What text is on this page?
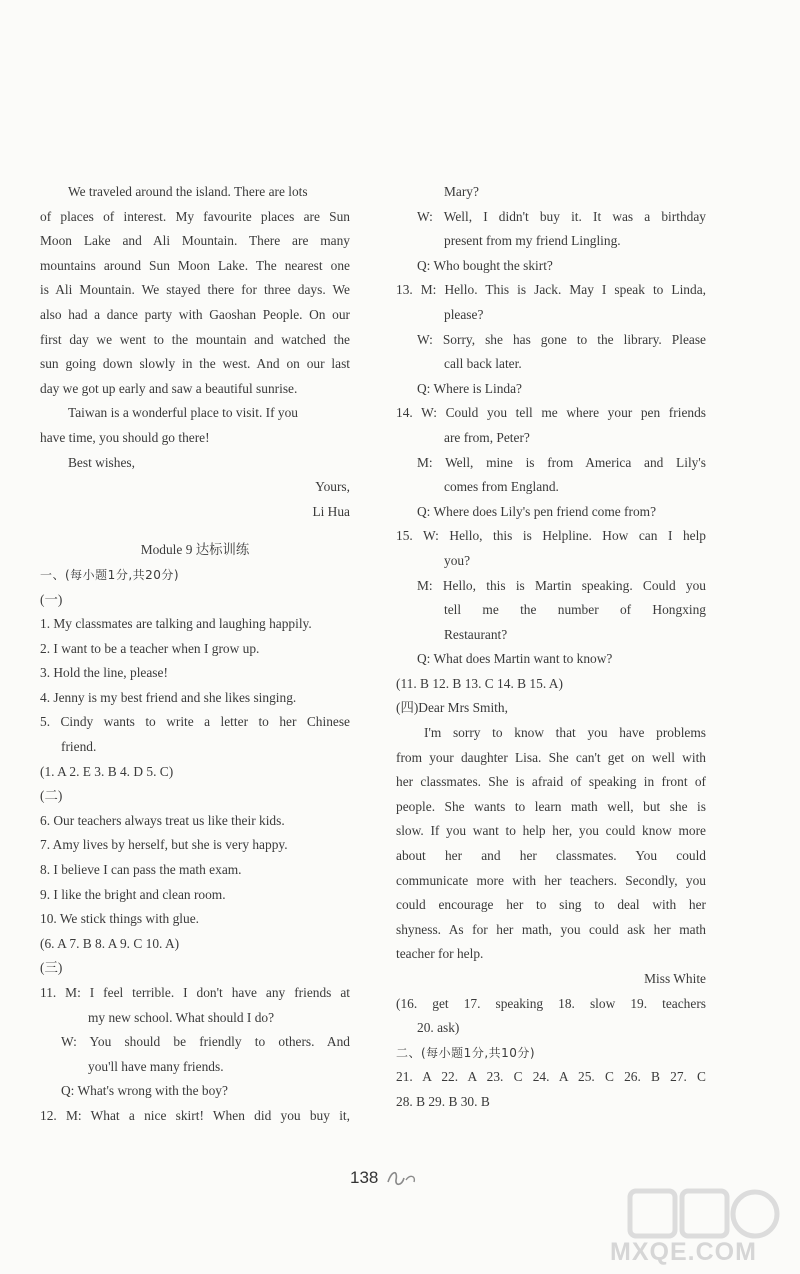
We traveled around the island. There are lots
of places of interest. My favourite places are Sun
Moon Lake and Ali Mountain. There are many
mountains around Sun Moon Lake. The nearest one
is Ali Mountain. We stayed there for three days. We
also had a dance party with Gaoshan People. On our
first day we went to the mountain and watched the
sun going down slowly in the west. And on our last
day we got up early and saw a beautiful sunrise.
Taiwan is a wonderful place to visit. If you
have time, you should go there!
Best wishes,
Yours,
Li Hua
Module 9 达标训练
一、(每小题1分,共20分)
(一)
1. My classmates are talking and laughing happily.
2. I want to be a teacher when I grow up.
3. Hold the line, please!
4. Jenny is my best friend and she likes singing.
5. Cindy wants to write a letter to her Chinese
friend.
(1. A 2. E 3. B 4. D 5. C)
(二)
6. Our teachers always treat us like their kids.
7. Amy lives by herself, but she is very happy.
8. I believe I can pass the math exam.
9. I like the bright and clean room.
10. We stick things with glue.
(6. A 7. B 8. A 9. C 10. A)
(三)
11. M: I feel terrible. I don't have any friends at
my new school. What should I do?
W: You should be friendly to others. And
you'll have many friends.
Q: What's wrong with the boy?
12. M: What a nice skirt! When did you buy it,
Mary?
W: Well, I didn't buy it. It was a birthday
present from my friend Lingling.
Q: Who bought the skirt?
13. M: Hello. This is Jack. May I speak to Linda,
please?
W: Sorry, she has gone to the library. Please
call back later.
Q: Where is Linda?
14. W: Could you tell me where your pen friends
are from, Peter?
M: Well, mine is from America and Lily's
comes from England.
Q: Where does Lily's pen friend come from?
15. W: Hello, this is Helpline. How can I help
you?
M: Hello, this is Martin speaking. Could you
tell me the number of Hongxing
Restaurant?
Q: What does Martin want to know?
(11. B 12. B 13. C 14. B 15. A)
(四)Dear Mrs Smith,
I'm sorry to know that you have problems
from your daughter Lisa. She can't get on well with
her classmates. She is afraid of speaking in front of
people. She wants to learn math well, but she is
slow. If you want to help her, you could know more
about her and her classmates. You could
communicate more with her teachers. Secondly, you
could encourage her to sing to deal with her
shyness. As for her math, you could ask her math
teacher for help.
Miss White
(16. get 17. speaking 18. slow 19. teachers
20. ask)
二、(每小题1分,共10分)
21. A 22. A 23. C 24. A 25. C 26. B 27. C
28. B 29. B 30. B
138
MXQE.COM
